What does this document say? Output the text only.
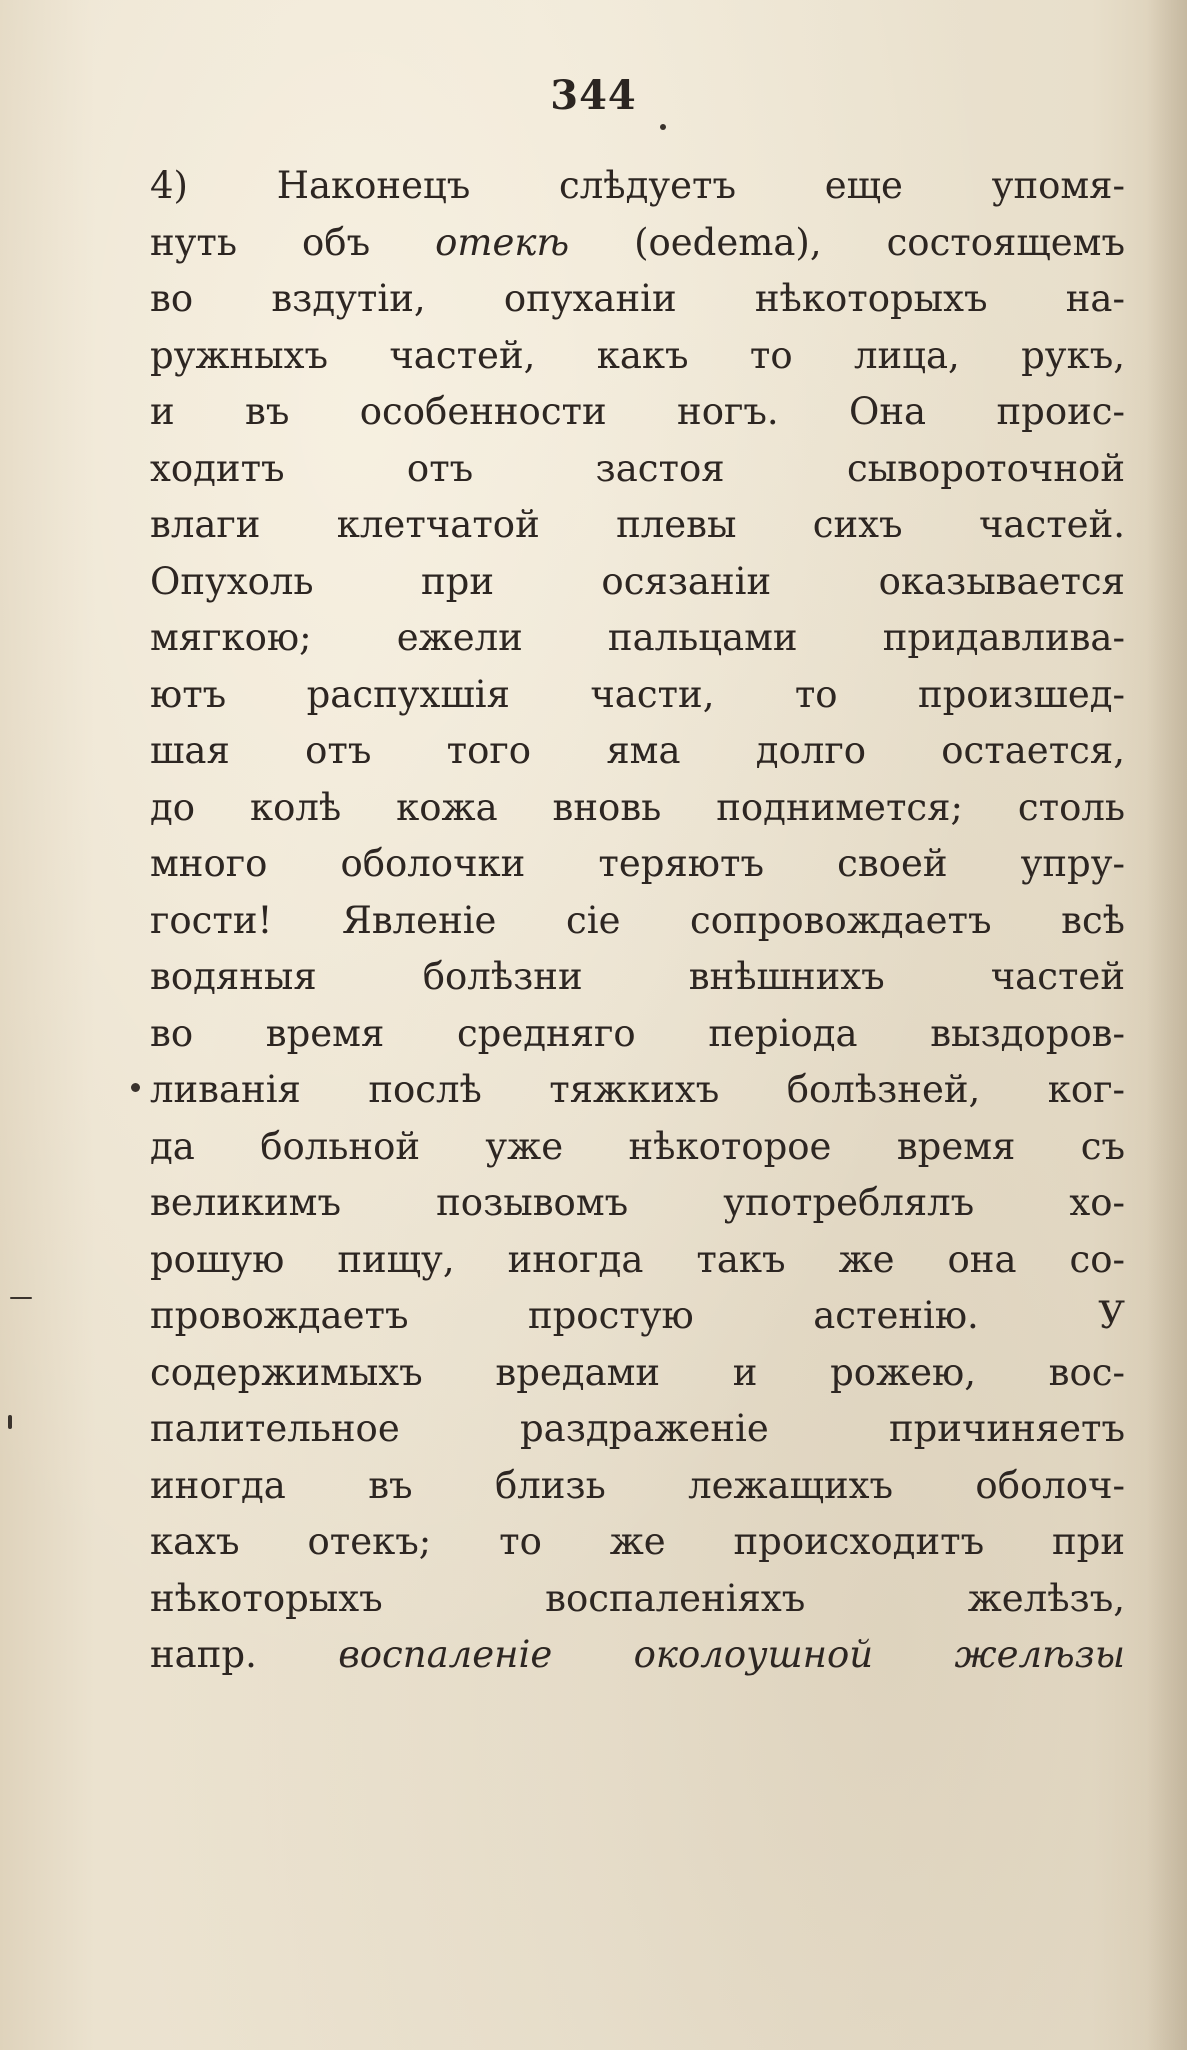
344
4) Наконецъ слѣдуетъ еще упомя-
нуть объ отекѣ (oedema), состоящемъ
во вздутіи, опуханіи нѣкоторыхъ на-
ружныхъ частей, какъ то лица, рукъ,
и въ особенности ногъ. Она проис-
ходитъ отъ застоя сывороточной
влаги клетчатой плевы сихъ частей.
Опухоль при осязаніи оказывается
мягкою; ежели пальцами придавлива-
ютъ распухшія части, то произшед-
шая отъ того яма долго остается,
до колѣ кожа вновь поднимется; столь
много оболочки теряютъ своей упру-
гости! Явленіе сіе сопровождаетъ всѣ
водяныя болѣзни внѣшнихъ частей
во время средняго періода выздоров-
ливанія послѣ тяжкихъ болѣзней, ког-
да больной уже нѣкоторое время съ
великимъ позывомъ употреблялъ хо-
рошую пищу, иногда такъ же она со-
провождаетъ простую астенію. У
содержимыхъ вредами и рожею, вос-
палительное раздраженіе причиняетъ
иногда въ близь лежащихъ оболоч-
кахъ отекъ; то же происходитъ при
нѣкоторыхъ воспаленіяхъ желѣзъ,
напр. воспаленіе околоушной желѣзы
